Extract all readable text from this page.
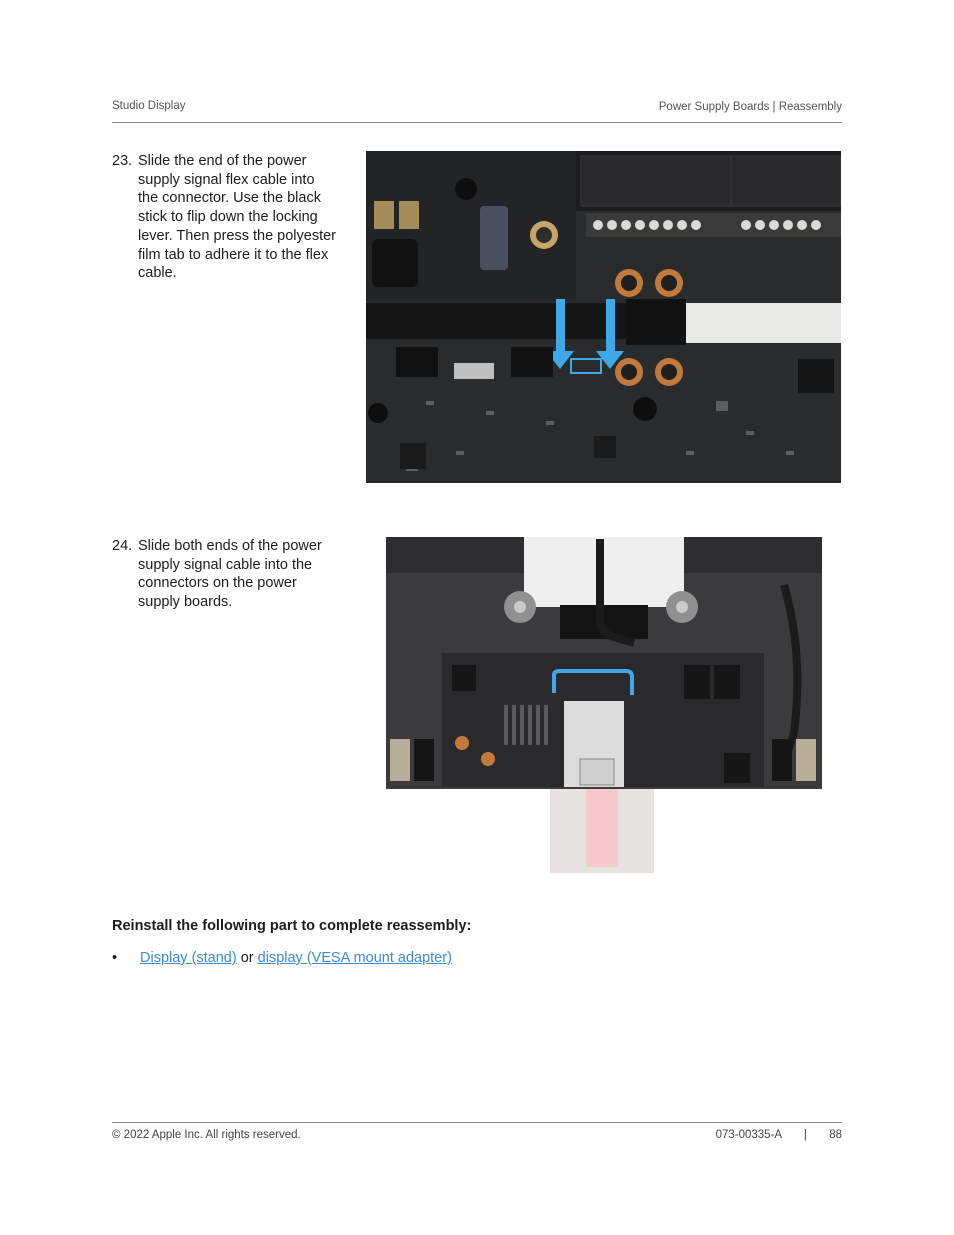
Studio Display	Power Supply Boards | Reassembly
23. Slide the end of the power supply signal flex cable into the connector. Use the black stick to flip down the locking lever. Then press the polyester film tab to adhere it to the flex cable.
24. Slide both ends of the power supply signal cable into the connectors on the power supply boards.
Reinstall the following part to complete reassembly:
• Display (stand) or display (VESA mount adapter)
© 2022 Apple Inc. All rights reserved.	073-00335-A | 88
